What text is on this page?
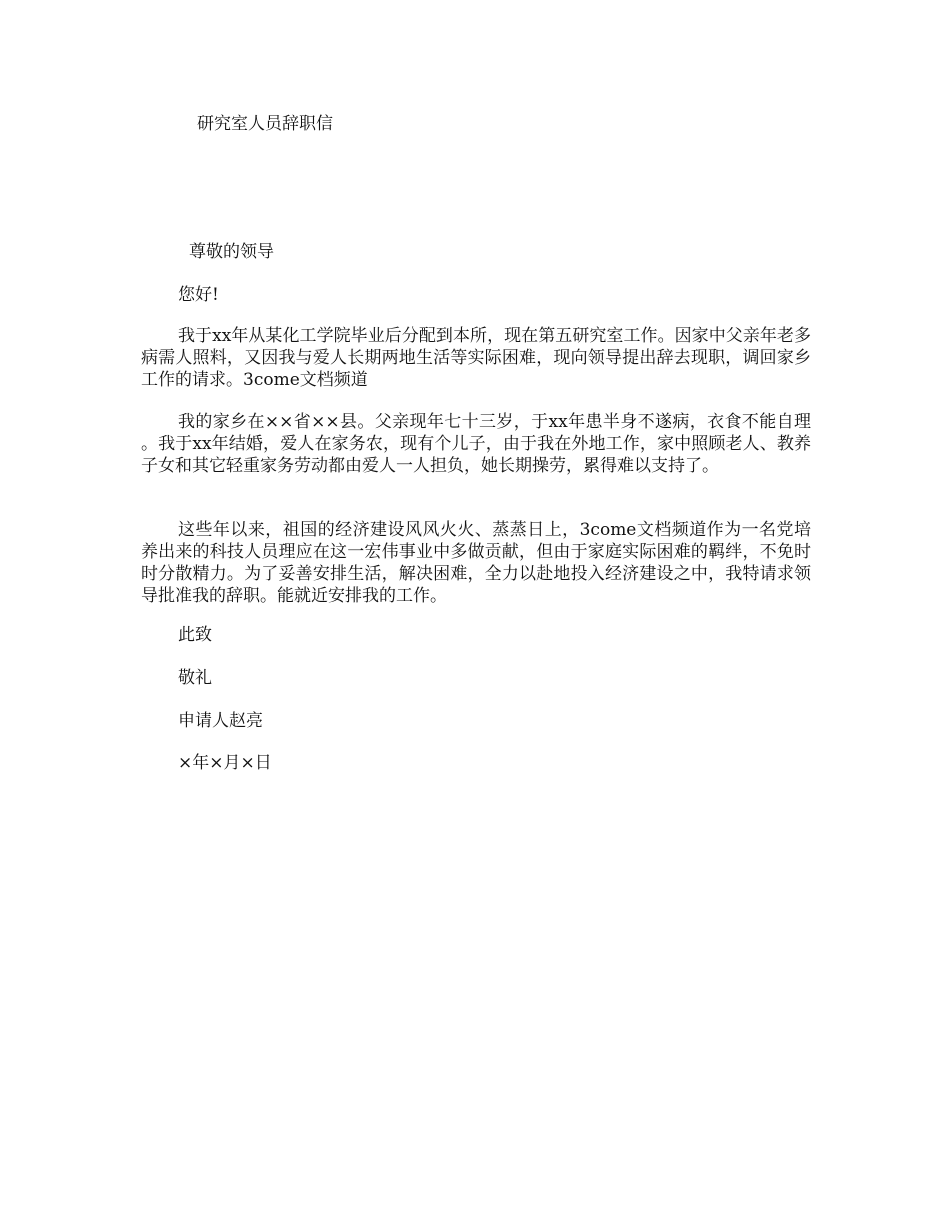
研究室人员辞职信
尊敬的领导
您好!
我于xx年从某化工学院毕业后分配到本所，现在第五研究室工作。因家中父亲年老多病需人照料，又因我与爱人长期两地生活等实际困难，现向领导提出辞去现职，调回家乡工作的请求。3come文档频道
我的家乡在××省××县。父亲现年七十三岁，于xx年患半身不遂病，衣食不能自理。我于xx年结婚，爱人在家务农，现有个儿子，由于我在外地工作，家中照顾老人、教养子女和其它轻重家务劳动都由爱人一人担负，她长期操劳，累得难以支持了。
这些年以来，祖国的经济建设风风火火、蒸蒸日上，3come文档频道作为一名党培养出来的科技人员理应在这一宏伟事业中多做贡献，但由于家庭实际困难的羁绊，不免时时分散精力。为了妥善安排生活，解决困难，全力以赴地投入经济建设之中，我特请求领导批准我的辞职。能就近安排我的工作。
此致
敬礼
申请人赵亮
×年×月×日
